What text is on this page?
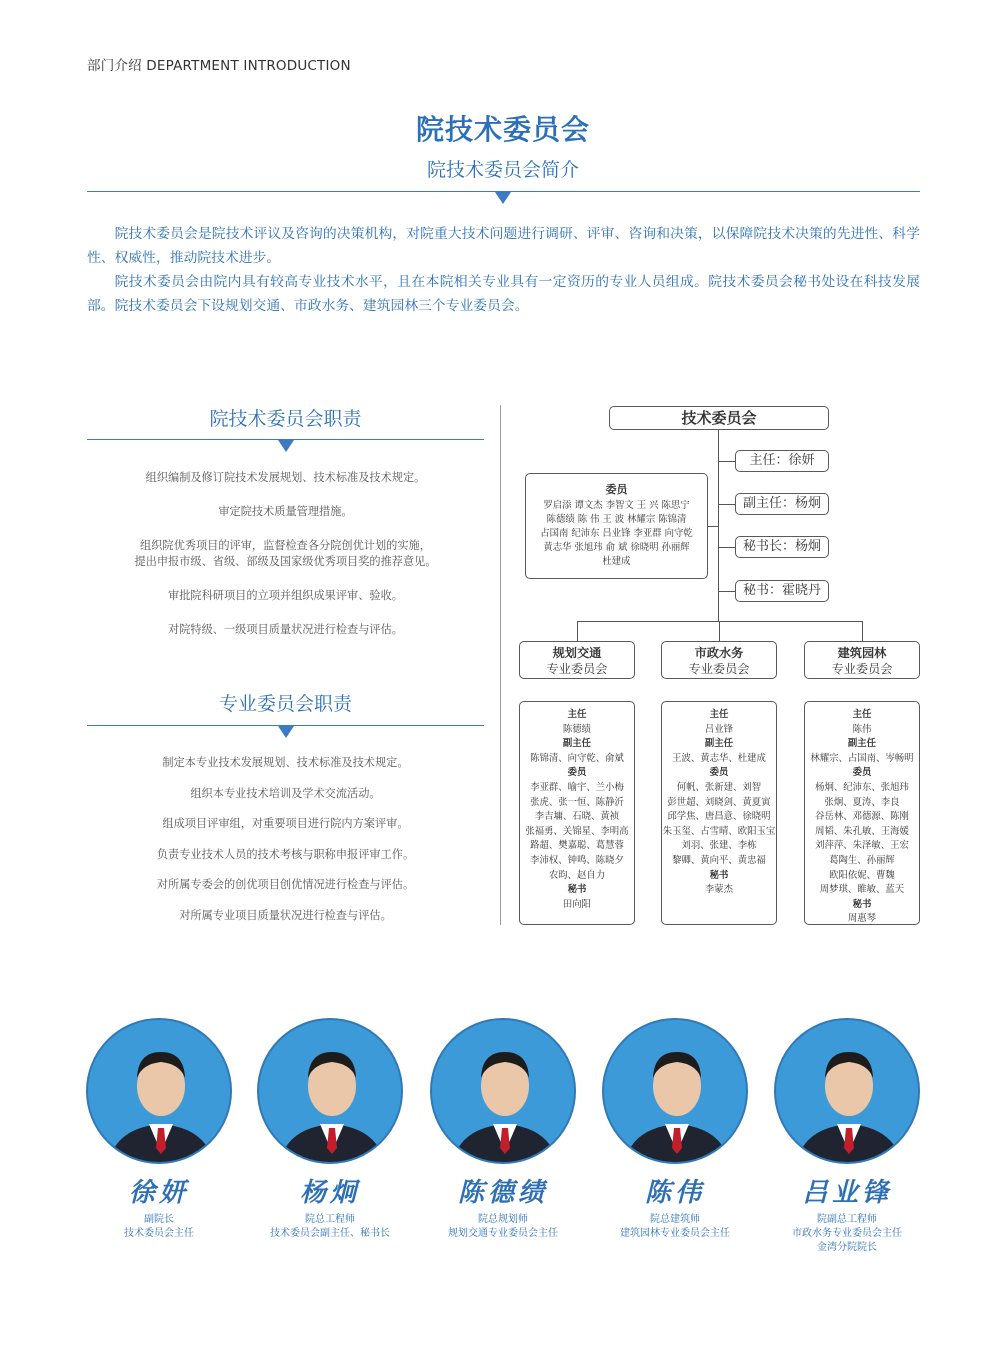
部门介绍 DEPARTMENT INTRODUCTION
院技术委员会
院技术委员会简介

院技术委员会是院技术评议及咨询的决策机构，对院重大技术问题进行调研、评审、咨询和决策，以保障院技术决策的先进性、科学性、权威性，推动院技术进步。

院技术委员会由院内具有较高专业技术水平，且在本院相关专业具有一定资历的专业人员组成。院技术委员会秘书处设在科技发展部。院技术委员会下设规划交通、市政水务、建筑园林三个专业委员会。

院技术委员会职责
组织编制及修订院技术发展规划、技术标准及技术规定。
审定院技术质量管理措施。
组织院优秀项目的评审，监督检查各分院创优计划的实施，
提出申报市级、省级、部级及国家级优秀项目奖的推荐意见。
审批院科研项目的立项并组织成果评审、验收。
对院特级、一级项目质量状况进行检查与评估。
专业委员会职责
制定本专业技术发展规划、技术标准及技术规定。
组织本专业技术培训及学术交流活动。
组成项目评审组，对重要项目进行院内方案评审。
负责专业技术人员的技术考核与职称申报评审工作。
对所属专委会的创优项目创优情况进行检查与评估。
对所属专业项目质量状况进行检查与评估。
技术委员会
主任：徐妍
副主任：杨炯
秘书长：杨炯
秘书：霍晓丹
委员
罗启添 谭文杰 李智文 王 兴 陈思宁
陈德绩 陈 伟 王 波 林耀宗 陈锦清
占国南 纪沛东 吕业锋 李亚群 向守乾
黄志华 张旭玮 俞 斌 徐晓明 孙丽辉
杜建成
规划交通
专业委员会
主任
陈德绩
副主任
陈锦清、向守乾、俞斌
委员
李亚群、喻宇、兰小梅
张虎、张一恒、陈静沂
李吉墉、石晓、黄祯
张福勇、关锦星、李明高
路超、樊嘉聪、葛慧蓉
李沛权、钟鸣、陈晓夕
农昀、赵自力
秘书
田向阳
市政水务
专业委员会
主任
吕业锋
副主任
王波、黄志华、杜建成
委员
何帆、张新建、刘智
彭世超、刘晓剑、黄夏寅
邱学焦、唐昌意、徐晓明
朱玉玺、占雪晴、欧阳玉宝
刘羽、张建、李栋
黎卿、黄向平、黄忠福
秘书
李蒙杰
建筑园林
专业委员会
主任
陈伟
副主任
林耀宗、占国南、岑畅明
委员
杨炯、纪沛东、张旭玮
张炯、夏涛、李良
谷岳林、邓德源、陈刚
周韬、朱孔敏、王海媛
刘萍萍、朱泽敏、王宏
葛陶生、孙丽辉
欧阳依妮、曹魏
周梦琪、睢敏、蓝天
秘书
周惠琴
徐妍
副院长
技术委员会主任
杨炯
院总工程师
技术委员会副主任、秘书长
陈德绩
院总规划师
规划交通专业委员会主任
陈伟
院总建筑师
建筑园林专业委员会主任
吕业锋
院副总工程师
市政水务专业委员会主任
金湾分院院长
